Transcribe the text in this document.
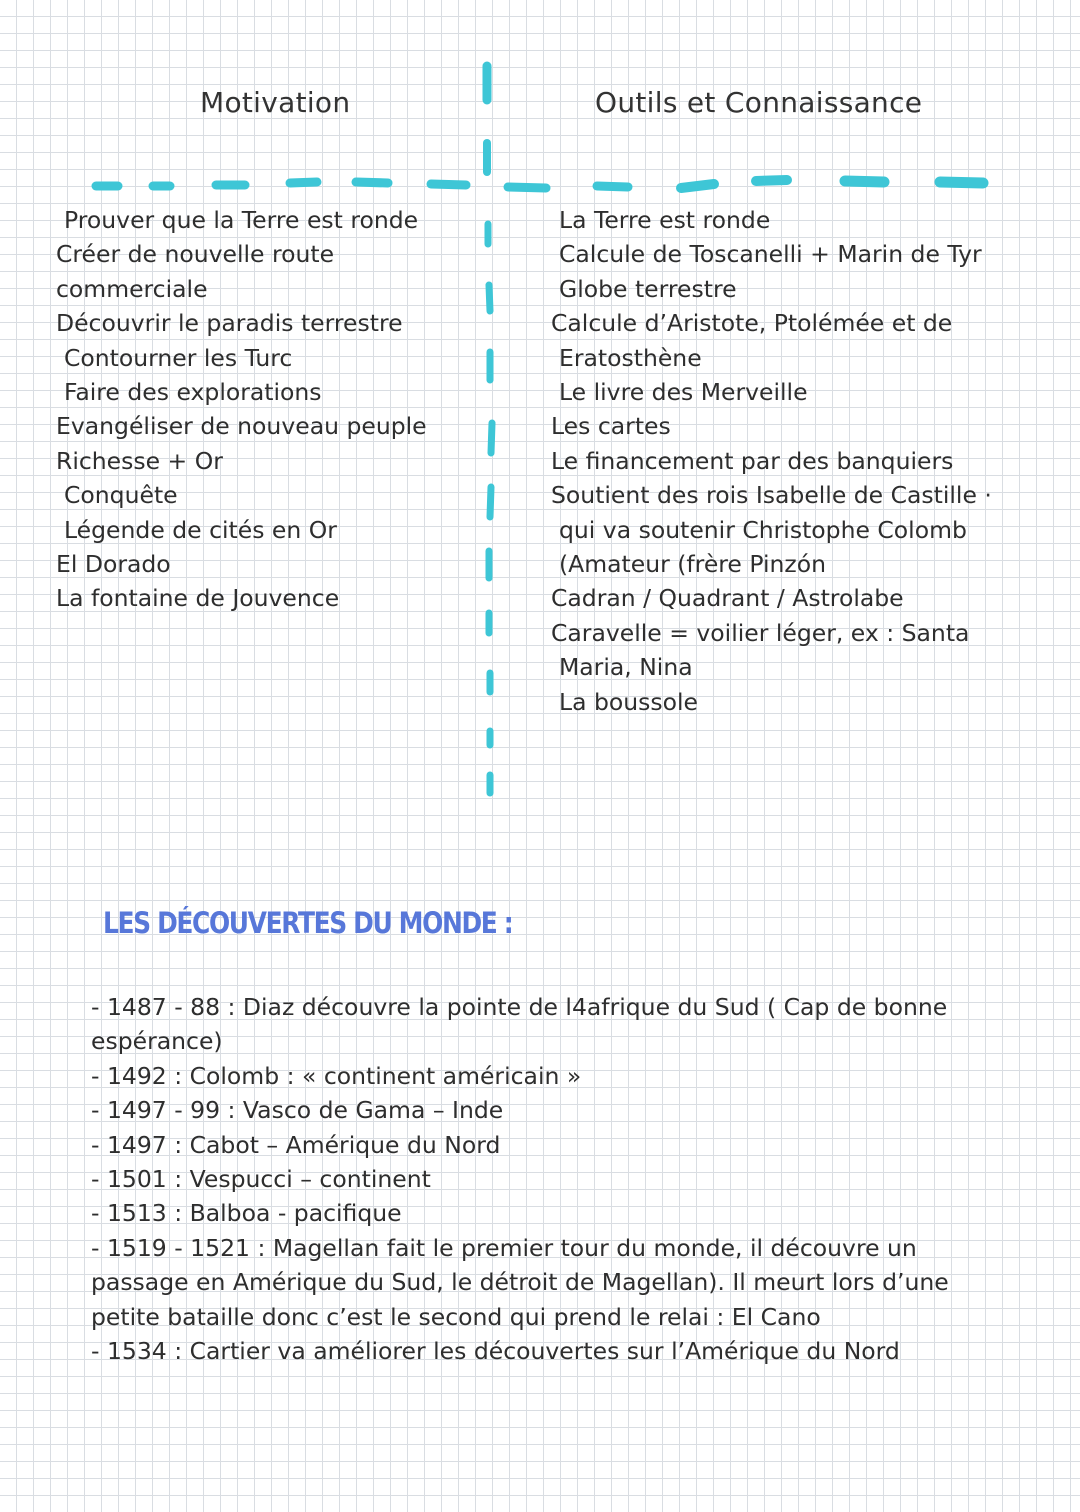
Motivation	Outils et Connaissance
Prouver que la Terre est ronde
Créer de nouvelle route
commerciale
Découvrir le paradis terrestre
Contourner les Turc
Faire des explorations
Evangéliser de nouveau peuple
Richesse + Or
Conquête
Légende de cités en Or
El Dorado
La fontaine de Jouvence
La Terre est ronde
Calcule de Toscanelli + Marin de Tyr
Globe terrestre
Calcule d’Aristote, Ptolémée et de
Eratosthène
Le livre des Merveille
Les cartes
Le financement par des banquiers
Soutient des rois Isabelle de Castille ·
qui va soutenir Christophe Colomb
(Amateur (frère Pinzón
Cadran / Quadrant / Astrolabe
Caravelle = voilier léger, ex : Santa
Maria, Nina
La boussole
LES DÉCOUVERTES DU MONDE :
- 1487 - 88 : Diaz découvre la pointe de l4afrique du Sud ( Cap de bonne espérance)
- 1492 : Colomb : « continent américain »
- 1497 - 99 : Vasco de Gama – Inde
- 1497 : Cabot – Amérique du Nord
- 1501 : Vespucci – continent
- 1513 : Balboa - pacifique
- 1519 - 1521 : Magellan fait le premier tour du monde, il découvre un passage en Amérique du Sud, le détroit de Magellan). Il meurt lors d’une petite bataille donc c’est le second qui prend le relai : El Cano
- 1534 : Cartier va améliorer les découvertes sur l’Amérique du Nord
